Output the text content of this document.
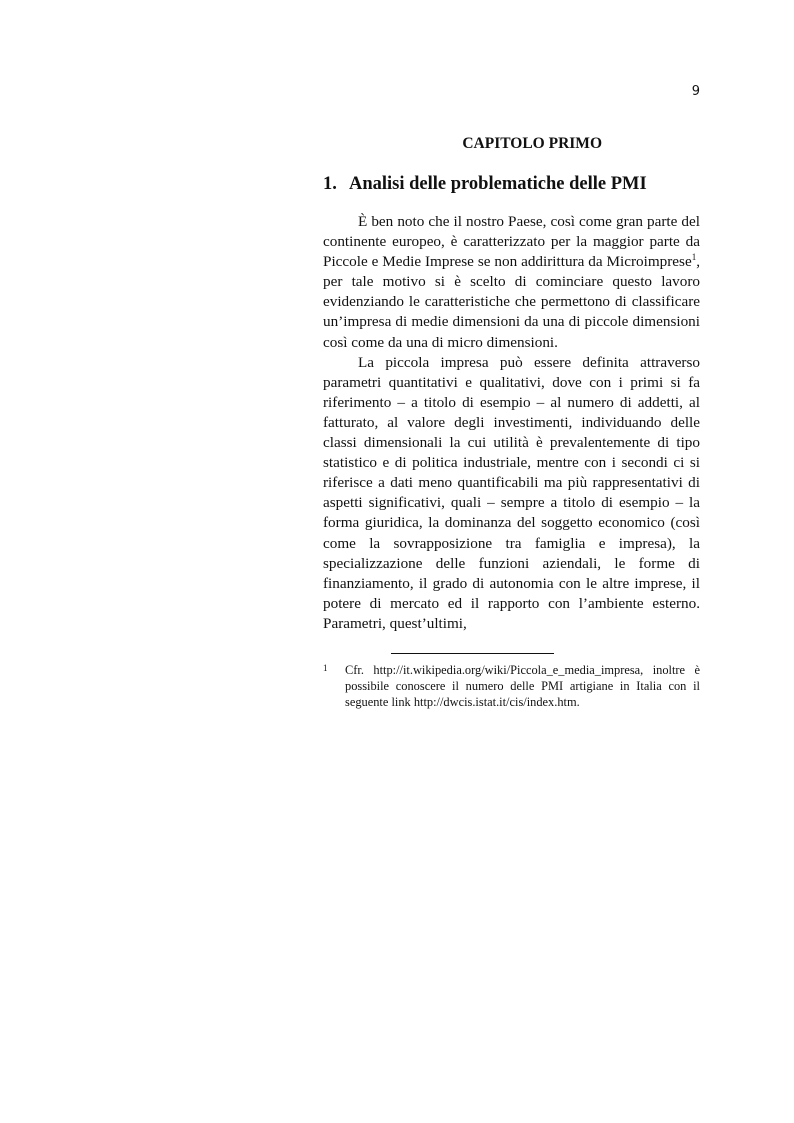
9
CAPITOLO PRIMO
1. Analisi delle problematiche delle PMI

È ben noto che il nostro Paese, così come gran parte del continente europeo, è caratterizzato per la maggior parte da Piccole e Medie Imprese se non addirittura da Microimprese$^1$, per tale motivo si è scelto di cominciare questo lavoro evidenziando le caratteristiche che permettono di classificare un’impresa di medie dimensioni da una di piccole dimensioni così come da una di micro dimensioni.

La piccola impresa può essere definita attraverso parametri quantitativi e qualitativi, dove con i primi si fa riferimento – a titolo di esempio – al numero di addetti, al fatturato, al valore degli investimenti, individuando delle classi dimensionali la cui utilità è prevalentemente di tipo statistico e di politica industriale, mentre con i secondi ci si riferisce a dati meno quantificabili ma più rappresentativi di aspetti significativi, quali – sempre a titolo di esempio – la forma giuridica, la dominanza del soggetto economico (così come la sovrapposizione tra famiglia e impresa), la specializzazione delle funzioni aziendali, le forme di finanziamento, il grado di autonomia con le altre imprese, il potere di mercato ed il rapporto con l’ambiente esterno. Parametri, quest’ultimi,

1	Cfr. http://it.wikipedia.org/wiki/Piccola_e_media_impresa, inoltre è possibile conoscere il numero delle PMI artigiane in Italia con il seguente link http://dwcis.istat.it/cis/index.htm.
